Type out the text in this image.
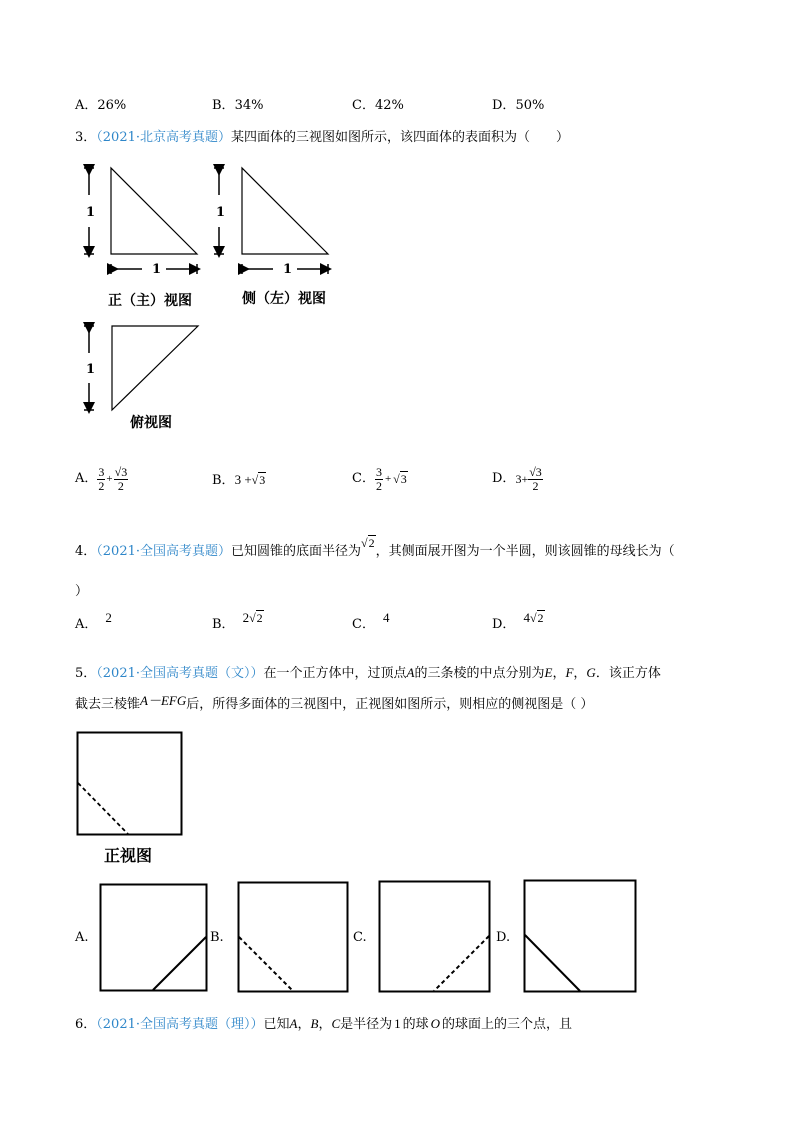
A．26%	B．34%	C．42%	D．50%
3．（2021·北京高考真题）某四面体的三视图如图所示，该四面体的表面积为（　　）
1
1
正（主）视图
1
1
侧（左）视图
1
俯视图
A． $\frac{3}{2} + \frac{√3}{2}$	B．3 +√3	C． $\frac{3}{2} + √3$	D． $3+ \frac{√3}{2}$
4．（2021·全国高考真题）已知圆锥的底面半径为√2，其侧面展开图为一个半圆，则该圆锥的母线长为（
）
A． 2	B． 2√2	C． 4	D． 4√2
5．（2021·全国高考真题（文））在一个正方体中，过顶点A的三条棱的中点分别为E，F，G．该正方体
截去三棱锥A－EFG后，所得多面体的三视图中，正视图如图所示，则相应的侧视图是（ ）
正视图
A.	B.	C.	D.
6．（2021·全国高考真题（理））已知A，B，C是半径为 1 的球 O 的球面上的三个点，且
